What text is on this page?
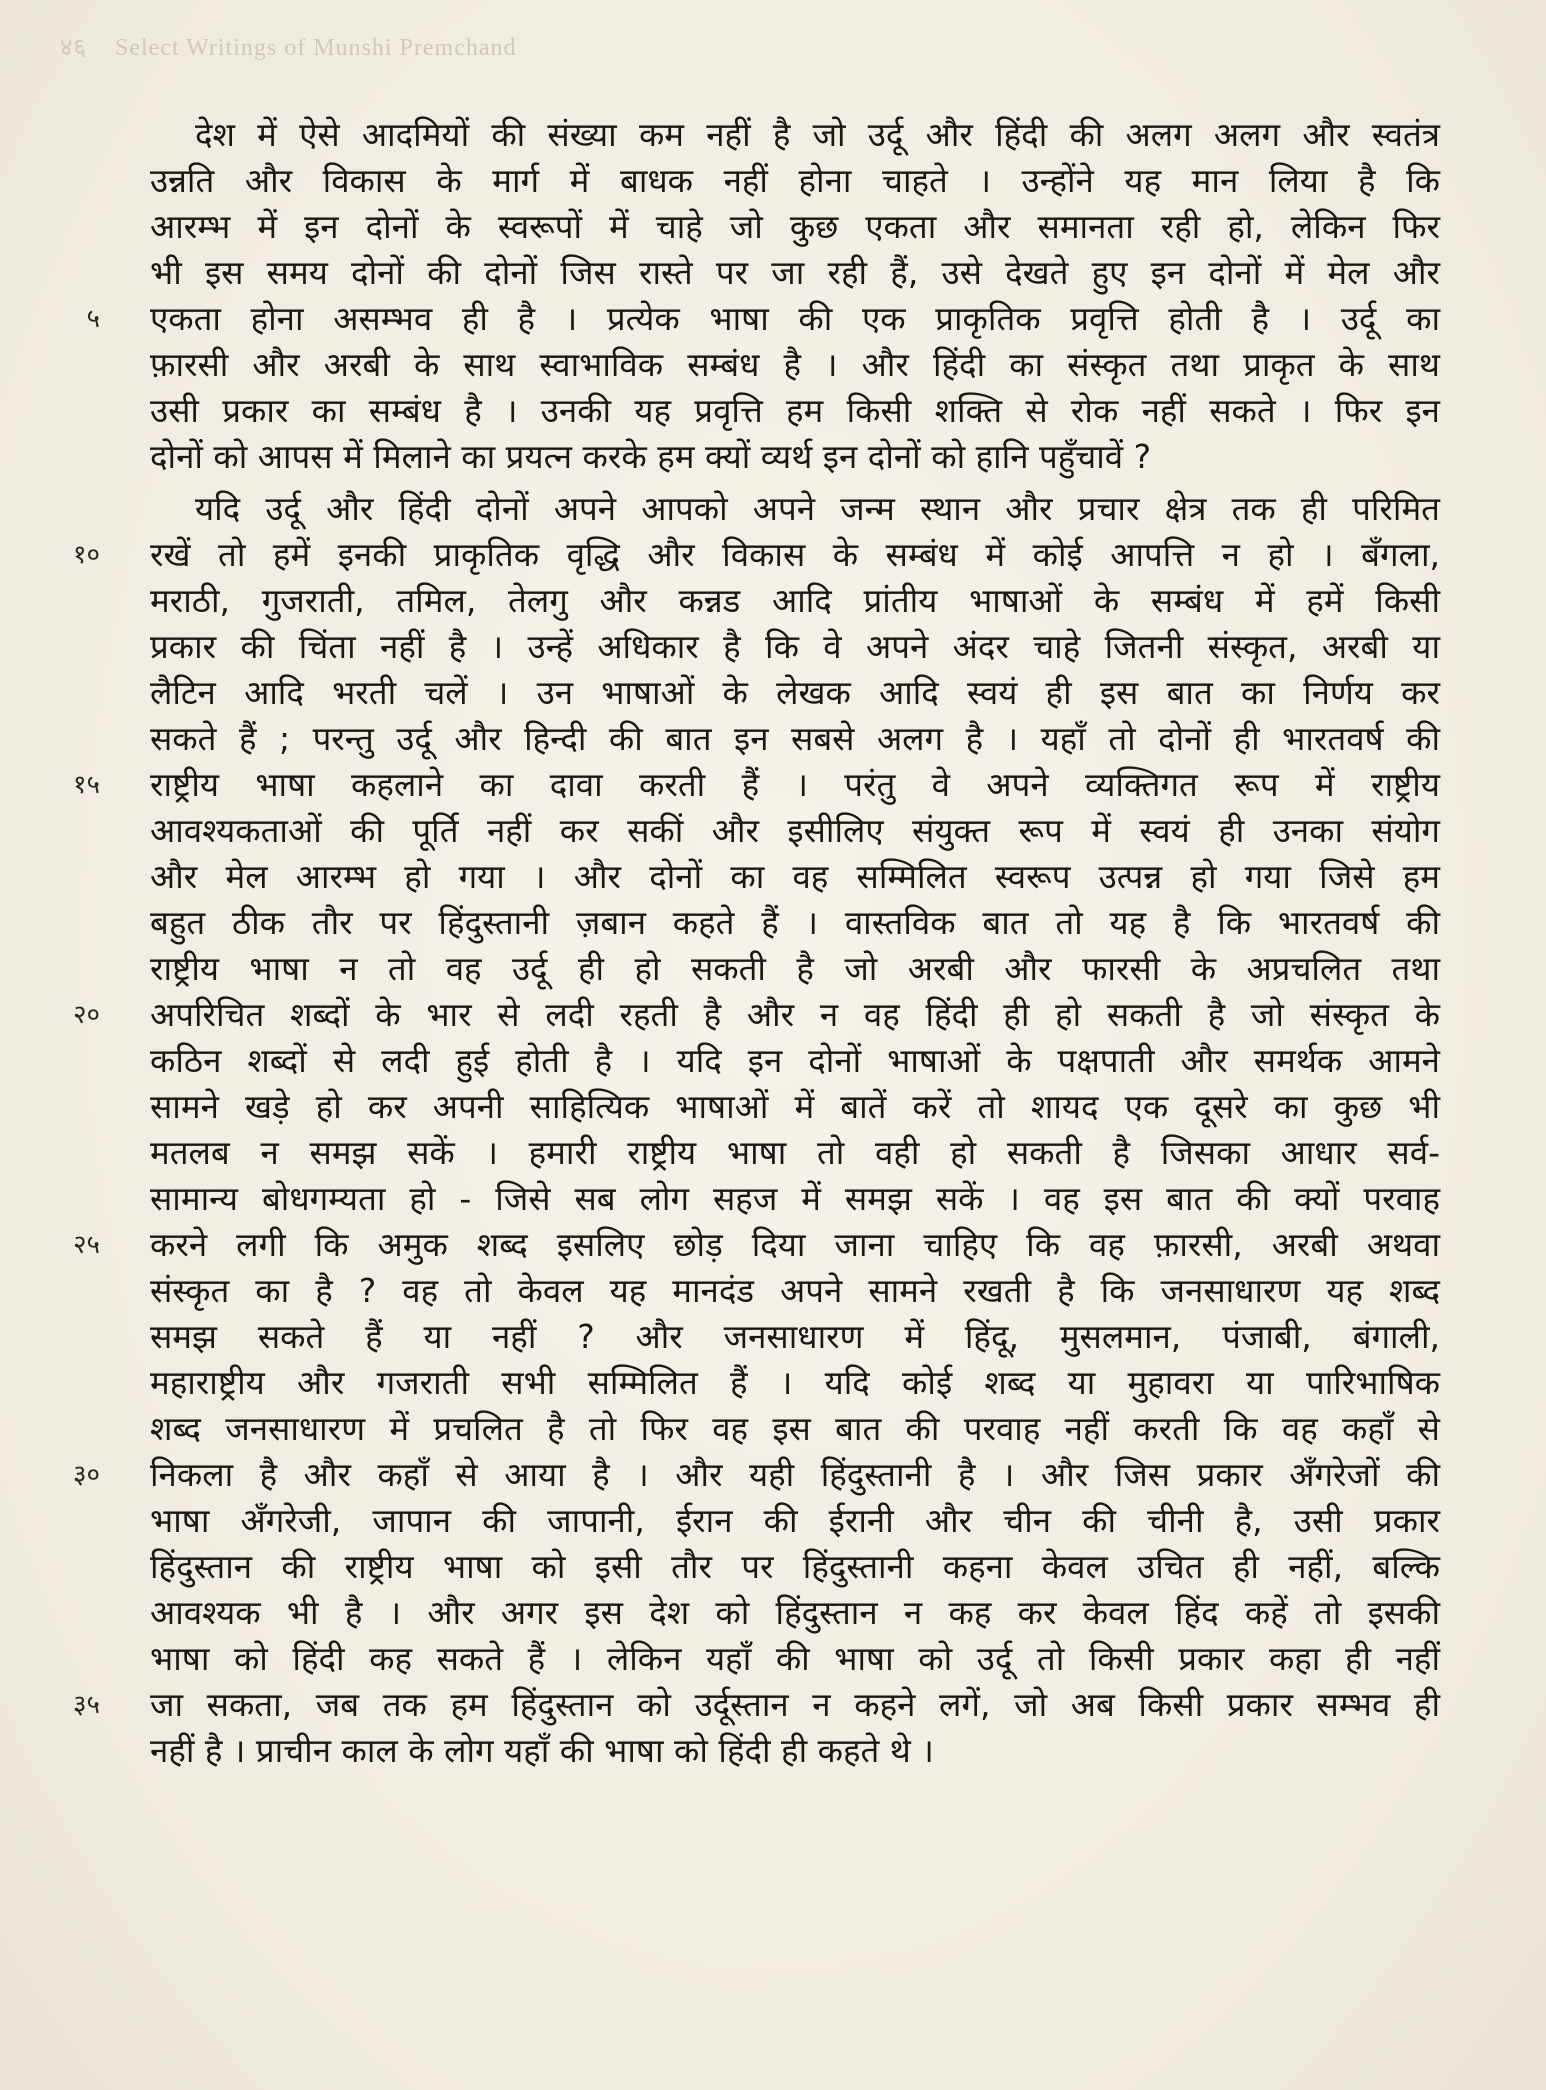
४६ Select Writings of Munshi Premchand
देश में ऐसे आदमियों की संख्या कम नहीं है जो उर्दू और हिंदी की अलग अलग और स्वतंत्र
उन्नति और विकास के मार्ग में बाधक नहीं होना चाहते । उन्होंने यह मान लिया है कि
आरम्भ में इन दोनों के स्वरूपों में चाहे जो कुछ एकता और समानता रही हो, लेकिन फिर
भी इस समय दोनों की दोनों जिस रास्ते पर जा रही हैं, उसे देखते हुए इन दोनों में मेल और
एकता होना असम्भव ही है । प्रत्येक भाषा की एक प्राकृतिक प्रवृत्ति होती है । उर्दू का
फ़ारसी और अरबी के साथ स्वाभाविक सम्बंध है । और हिंदी का संस्कृत तथा प्राकृत के साथ
उसी प्रकार का सम्बंध है । उनकी यह प्रवृत्ति हम किसी शक्ति से रोक नहीं सकते । फिर इन
दोनों को आपस में मिलाने का प्रयत्न करके हम क्यों व्यर्थ इन दोनों को हानि पहुँचावें ?
यदि उर्दू और हिंदी दोनों अपने आपको अपने जन्म स्थान और प्रचार क्षेत्र तक ही परिमित
रखें तो हमें इनकी प्राकृतिक वृद्धि और विकास के सम्बंध में कोई आपत्ति न हो । बँगला,
मराठी, गुजराती, तमिल, तेलगु और कन्नड आदि प्रांतीय भाषाओं के सम्बंध में हमें किसी
प्रकार की चिंता नहीं है । उन्हें अधिकार है कि वे अपने अंदर चाहे जितनी संस्कृत, अरबी या
लैटिन आदि भरती चलें । उन भाषाओं के लेखक आदि स्वयं ही इस बात का निर्णय कर
सकते हैं ; परन्तु उर्दू और हिन्दी की बात इन सबसे अलग है । यहाँ तो दोनों ही भारतवर्ष की
राष्ट्रीय भाषा कहलाने का दावा करती हैं । परंतु वे अपने व्यक्तिगत रूप में राष्ट्रीय
आवश्यकताओं की पूर्ति नहीं कर सकीं और इसीलिए संयुक्त रूप में स्वयं ही उनका संयोग
और मेल आरम्भ हो गया । और दोनों का वह सम्मिलित स्वरूप उत्पन्न हो गया जिसे हम
बहुत ठीक तौर पर हिंदुस्तानी ज़बान कहते हैं । वास्तविक बात तो यह है कि भारतवर्ष की
राष्ट्रीय भाषा न तो वह उर्दू ही हो सकती है जो अरबी और फारसी के अप्रचलित तथा
अपरिचित शब्दों के भार से लदी रहती है और न वह हिंदी ही हो सकती है जो संस्कृत के
कठिन शब्दों से लदी हुई होती है । यदि इन दोनों भाषाओं के पक्षपाती और समर्थक आमने
सामने खड़े हो कर अपनी साहित्यिक भाषाओं में बातें करें तो शायद एक दूसरे का कुछ भी
मतलब न समझ सकें । हमारी राष्ट्रीय भाषा तो वही हो सकती है जिसका आधार सर्व-
सामान्य बोधगम्यता हो - जिसे सब लोग सहज में समझ सकें । वह इस बात की क्यों परवाह
करने लगी कि अमुक शब्द इसलिए छोड़ दिया जाना चाहिए कि वह फ़ारसी, अरबी अथवा
संस्कृत का है ? वह तो केवल यह मानदंड अपने सामने रखती है कि जनसाधारण यह शब्द
समझ सकते हैं या नहीं ? और जनसाधारण में हिंदू, मुसलमान, पंजाबी, बंगाली,
महाराष्ट्रीय और गजराती सभी सम्मिलित हैं । यदि कोई शब्द या मुहावरा या पारिभाषिक
शब्द जनसाधारण में प्रचलित है तो फिर वह इस बात की परवाह नहीं करती कि वह कहाँ से
निकला है और कहाँ से आया है । और यही हिंदुस्तानी है । और जिस प्रकार अँगरेजों की
भाषा अँगरेजी, जापान की जापानी, ईरान की ईरानी और चीन की चीनी है, उसी प्रकार
हिंदुस्तान की राष्ट्रीय भाषा को इसी तौर पर हिंदुस्तानी कहना केवल उचित ही नहीं, बल्कि
आवश्यक भी है । और अगर इस देश को हिंदुस्तान न कह कर केवल हिंद कहें तो इसकी
भाषा को हिंदी कह सकते हैं । लेकिन यहाँ की भाषा को उर्दू तो किसी प्रकार कहा ही नहीं
जा सकता, जब तक हम हिंदुस्तान को उर्दूस्तान न कहने लगें, जो अब किसी प्रकार सम्भव ही
नहीं है । प्राचीन काल के लोग यहाँ की भाषा को हिंदी ही कहते थे ।
५
१०
१५
२०
२५
३०
३५
